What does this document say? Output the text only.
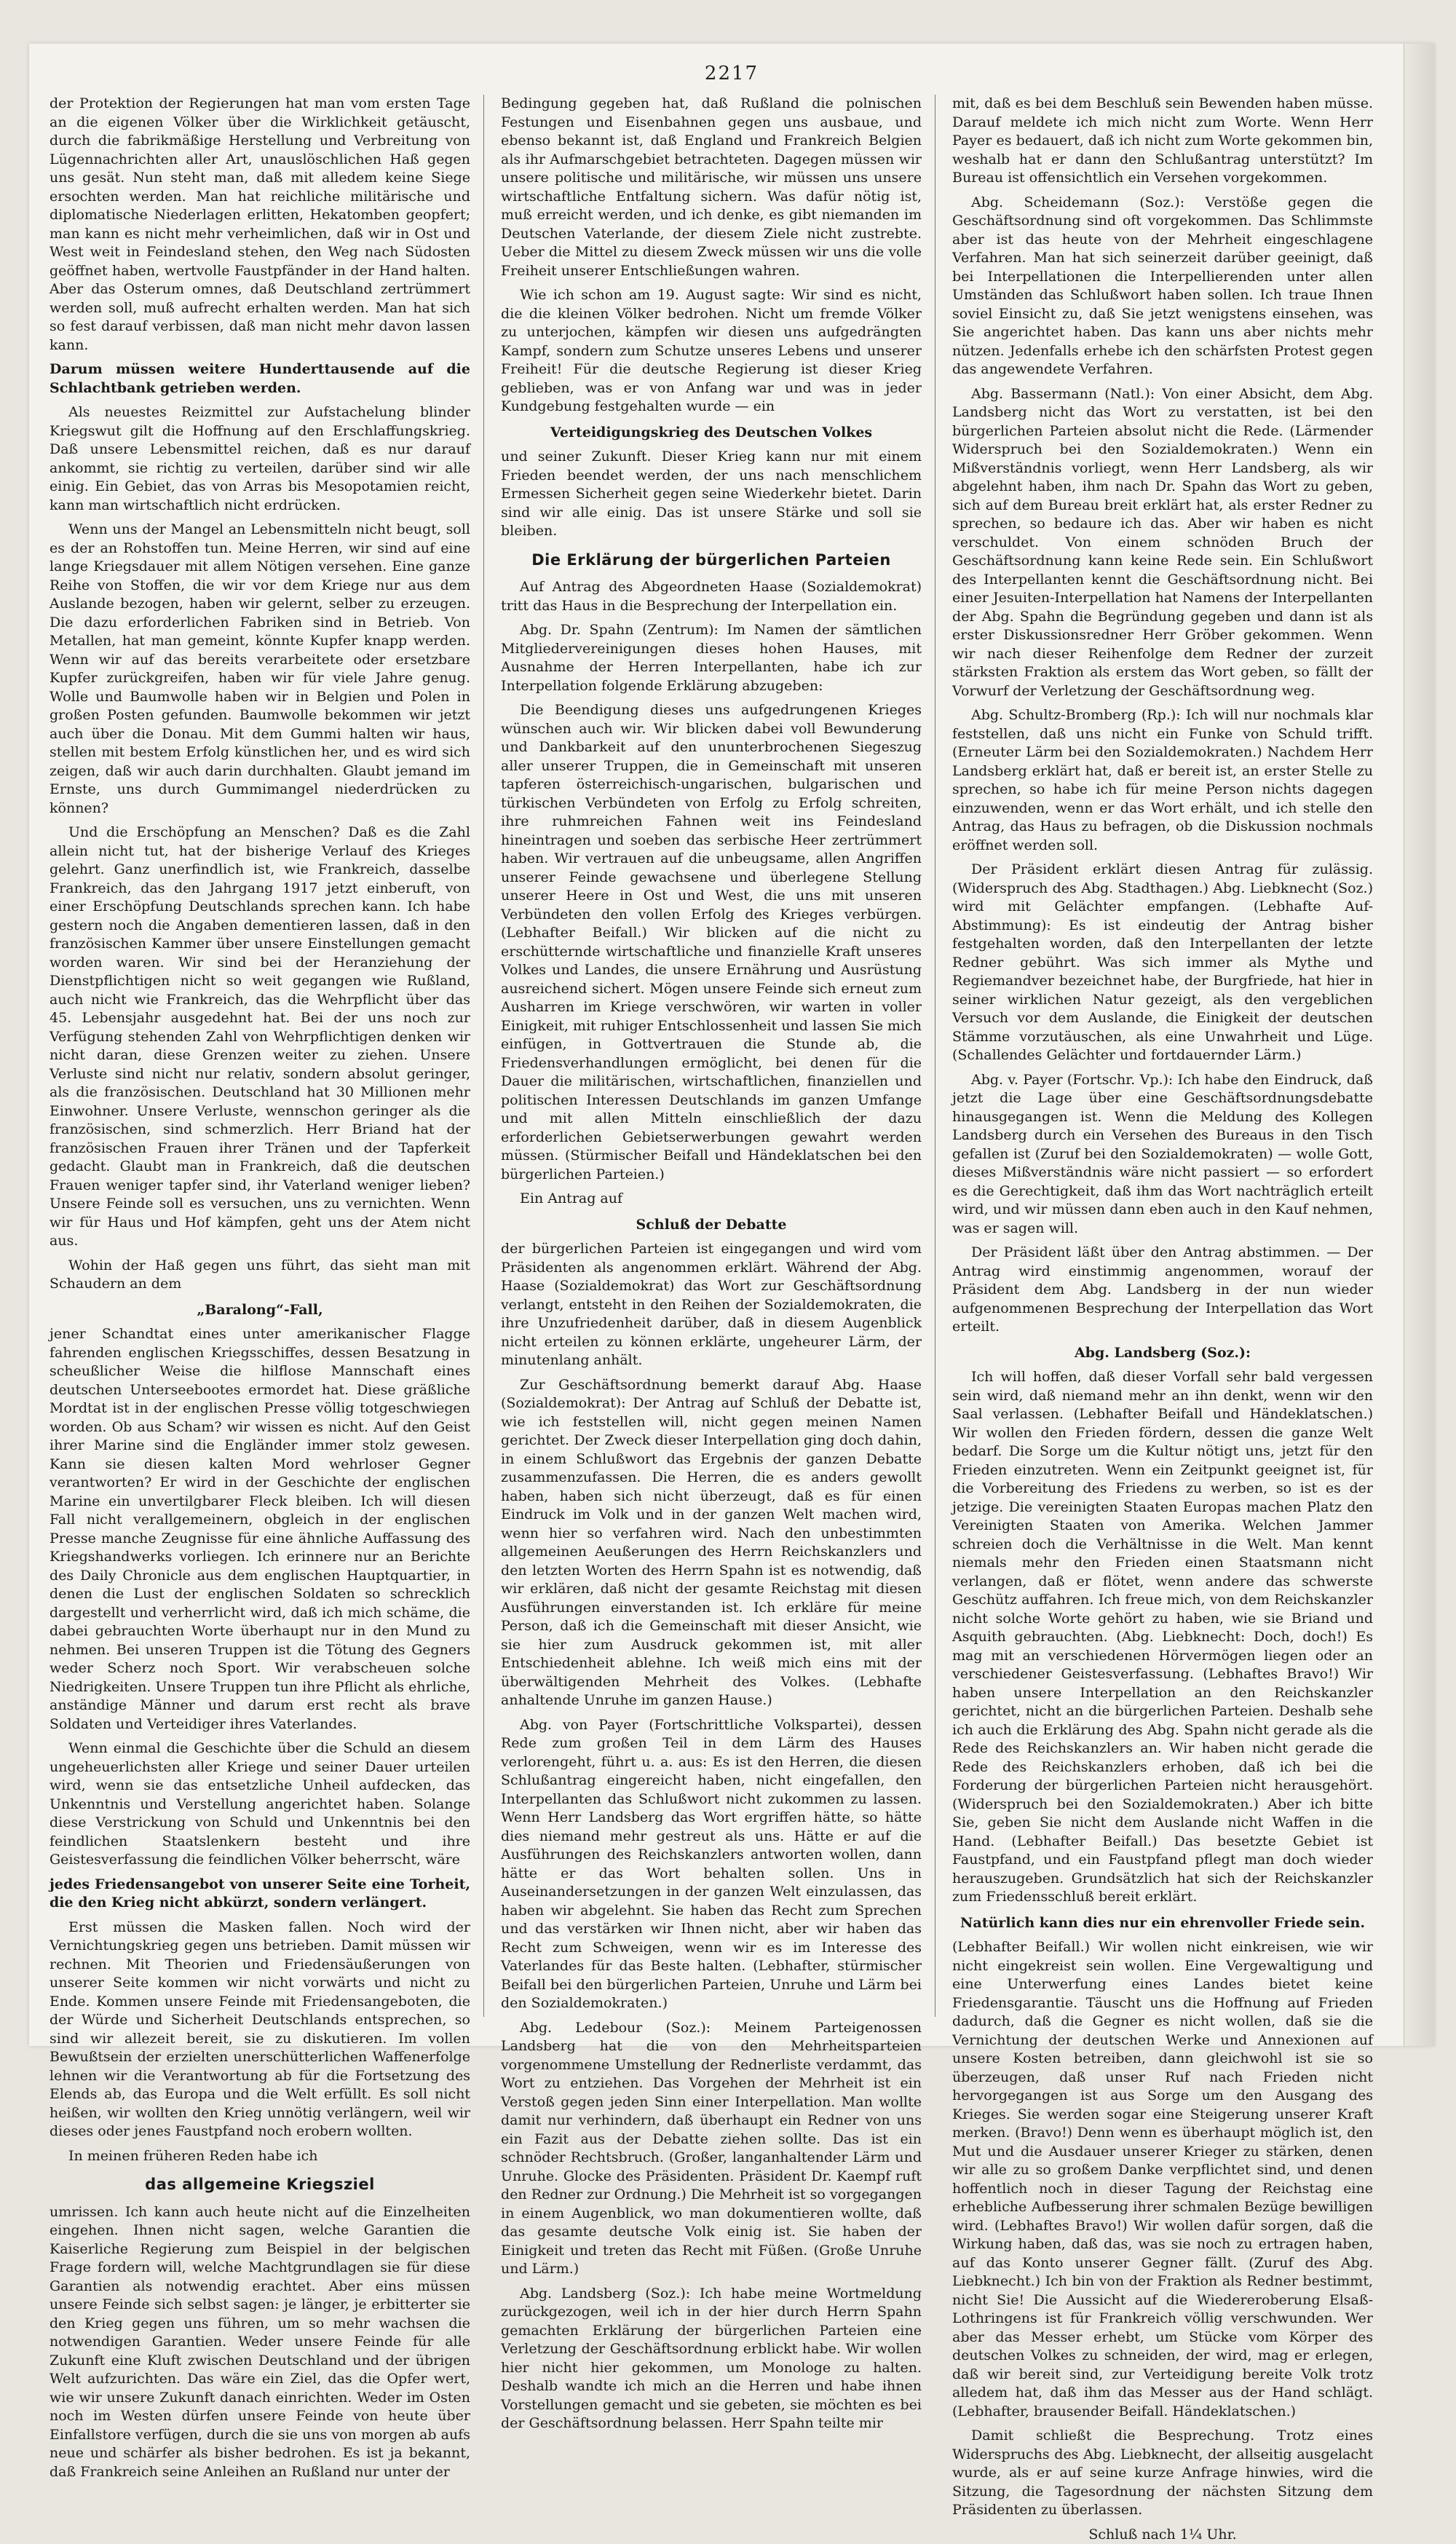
2217

der Protektion der Regierungen hat man vom ersten Tage an die eigenen Völker über die Wirklichkeit getäuscht, durch die fabrikmäßige Herstellung und Verbreitung von Lügennachrichten aller Art, unauslöschlichen Haß gegen uns gesät. Nun steht man, daß mit alledem keine Siege ersochten werden. Man hat reichliche militärische und diplomatische Niederlagen erlitten, Hekatomben geopfert; man kann es nicht mehr verheimlichen, daß wir in Ost und West weit in Feindesland stehen, den Weg nach Südosten geöffnet haben, wertvolle Faustpfänder in der Hand halten. Aber das Osterum omnes, daß Deutschland zertrümmert werden soll, muß aufrecht erhalten werden. Man hat sich so fest darauf verbissen, daß man nicht mehr davon lassen kann.

Darum müssen weitere Hunderttausende auf die Schlachtbank getrieben werden.

Als neuestes Reizmittel zur Aufstachelung blinder Kriegswut gilt die Hoffnung auf den Erschlaffungskrieg. Daß unsere Lebensmittel reichen, daß es nur darauf ankommt, sie richtig zu verteilen, darüber sind wir alle einig. Ein Gebiet, das von Arras bis Mesopotamien reicht, kann man wirtschaftlich nicht erdrücken.

Wenn uns der Mangel an Lebensmitteln nicht beugt, soll es der an Rohstoffen tun. Meine Herren, wir sind auf eine lange Kriegsdauer mit allem Nötigen versehen. Eine ganze Reihe von Stoffen, die wir vor dem Kriege nur aus dem Auslande bezogen, haben wir gelernt, selber zu erzeugen. Die dazu erforderlichen Fabriken sind in Betrieb. Von Metallen, hat man gemeint, könnte Kupfer knapp werden. Wenn wir auf das bereits verarbeitete oder ersetzbare Kupfer zurückgreifen, haben wir für viele Jahre genug. Wolle und Baumwolle haben wir in Belgien und Polen in großen Posten gefunden. Baumwolle bekommen wir jetzt auch über die Donau. Mit dem Gummi halten wir haus, stellen mit bestem Erfolg künstlichen her, und es wird sich zeigen, daß wir auch darin durchhalten. Glaubt jemand im Ernste, uns durch Gummimangel niederdrücken zu können?

Und die Erschöpfung an Menschen? Daß es die Zahl allein nicht tut, hat der bisherige Verlauf des Krieges gelehrt. Ganz unerfindlich ist, wie Frankreich, dasselbe Frankreich, das den Jahrgang 1917 jetzt einberuft, von einer Erschöpfung Deutschlands sprechen kann. Ich habe gestern noch die Angaben dementieren lassen, daß in den französischen Kammer über unsere Einstellungen gemacht worden waren. Wir sind bei der Heranziehung der Dienstpflichtigen nicht so weit gegangen wie Rußland, auch nicht wie Frankreich, das die Wehrpflicht über das 45. Lebensjahr ausgedehnt hat. Bei der uns noch zur Verfügung stehenden Zahl von Wehrpflichtigen denken wir nicht daran, diese Grenzen weiter zu ziehen. Unsere Verluste sind nicht nur relativ, sondern absolut geringer, als die französischen. Deutschland hat 30 Millionen mehr Einwohner. Unsere Verluste, wennschon geringer als die französischen, sind schmerzlich. Herr Briand hat der französischen Frauen ihrer Tränen und der Tapferkeit gedacht. Glaubt man in Frankreich, daß die deutschen Frauen weniger tapfer sind, ihr Vaterland weniger lieben? Unsere Feinde soll es versuchen, uns zu vernichten. Wenn wir für Haus und Hof kämpfen, geht uns der Atem nicht aus.

Wohin der Haß gegen uns führt, das sieht man mit Schaudern an dem

„Baralong“-Fall,

jener Schandtat eines unter amerikanischer Flagge fahrenden englischen Kriegsschiffes, dessen Besatzung in scheußlicher Weise die hilflose Mannschaft eines deutschen Unterseebootes ermordet hat. Diese gräßliche Mordtat ist in der englischen Presse völlig totgeschwiegen worden. Ob aus Scham? wir wissen es nicht. Auf den Geist ihrer Marine sind die Engländer immer stolz gewesen. Kann sie diesen kalten Mord wehrloser Gegner verantworten? Er wird in der Geschichte der englischen Marine ein unvertilgbarer Fleck bleiben. Ich will diesen Fall nicht verallgemeinern, obgleich in der englischen Presse manche Zeugnisse für eine ähnliche Auffassung des Kriegshandwerks vorliegen. Ich erinnere nur an Berichte des Daily Chronicle aus dem englischen Hauptquartier, in denen die Lust der englischen Soldaten so schrecklich dargestellt und verherrlicht wird, daß ich mich schäme, die dabei gebrauchten Worte überhaupt nur in den Mund zu nehmen. Bei unseren Truppen ist die Tötung des Gegners weder Scherz noch Sport. Wir verabscheuen solche Niedrigkeiten. Unsere Truppen tun ihre Pflicht als ehrliche, anständige Männer und darum erst recht als brave Soldaten und Verteidiger ihres Vaterlandes.

Wenn einmal die Geschichte über die Schuld an diesem ungeheuerlichsten aller Kriege und seiner Dauer urteilen wird, wenn sie das entsetzliche Unheil aufdecken, das Unkenntnis und Verstellung angerichtet haben. Solange diese Verstrickung von Schuld und Unkenntnis bei den feindlichen Staatslenkern besteht und ihre Geistesverfassung die feindlichen Völker beherrscht, wäre

jedes Friedensangebot von unserer Seite eine Torheit, die den Krieg nicht abkürzt, sondern verlängert.

Erst müssen die Masken fallen. Noch wird der Vernichtungskrieg gegen uns betrieben. Damit müssen wir rechnen. Mit Theorien und Friedensäußerungen von unserer Seite kommen wir nicht vorwärts und nicht zu Ende. Kommen unsere Feinde mit Friedensangeboten, die der Würde und Sicherheit Deutschlands entsprechen, so sind wir allezeit bereit, sie zu diskutieren. Im vollen Bewußtsein der erzielten unerschütterlichen Waffenerfolge lehnen wir die Verantwortung ab für die Fortsetzung des Elends ab, das Europa und die Welt erfüllt. Es soll nicht heißen, wir wollten den Krieg unnötig verlängern, weil wir dieses oder jenes Faustpfand noch erobern wollten.

In meinen früheren Reden habe ich

das allgemeine Kriegsziel

umrissen. Ich kann auch heute nicht auf die Einzelheiten eingehen. Ihnen nicht sagen, welche Garantien die Kaiserliche Regierung zum Beispiel in der belgischen Frage fordern will, welche Machtgrundlagen sie für diese Garantien als notwendig erachtet. Aber eins müssen unsere Feinde sich selbst sagen: je länger, je erbitterter sie den Krieg gegen uns führen, um so mehr wachsen die notwendigen Garantien. Weder unsere Feinde für alle Zukunft eine Kluft zwischen Deutschland und der übrigen Welt aufzurichten. Das wäre ein Ziel, das die Opfer wert, wie wir unsere Zukunft danach einrichten. Weder im Osten noch im Westen dürfen unsere Feinde von heute über Einfallstore verfügen, durch die sie uns von morgen ab aufs neue und schärfer als bisher bedrohen. Es ist ja bekannt, daß Frankreich seine Anleihen an Rußland nur unter der

Bedingung gegeben hat, daß Rußland die polnischen Festungen und Eisenbahnen gegen uns ausbaue, und ebenso bekannt ist, daß England und Frankreich Belgien als ihr Aufmarschgebiet betrachteten. Dagegen müssen wir unsere politische und militärische, wir müssen uns unsere wirtschaftliche Entfaltung sichern. Was dafür nötig ist, muß erreicht werden, und ich denke, es gibt niemanden im Deutschen Vaterlande, der diesem Ziele nicht zustrebte. Ueber die Mittel zu diesem Zweck müssen wir uns die volle Freiheit unserer Entschließungen wahren.

Wie ich schon am 19. August sagte: Wir sind es nicht, die die kleinen Völker bedrohen. Nicht um fremde Völker zu unterjochen, kämpfen wir diesen uns aufgedrängten Kampf, sondern zum Schutze unseres Lebens und unserer Freiheit! Für die deutsche Regierung ist dieser Krieg geblieben, was er von Anfang war und was in jeder Kundgebung festgehalten wurde — ein

Verteidigungskrieg des Deutschen Volkes

und seiner Zukunft. Dieser Krieg kann nur mit einem Frieden beendet werden, der uns nach menschlichem Ermessen Sicherheit gegen seine Wiederkehr bietet. Darin sind wir alle einig. Das ist unsere Stärke und soll sie bleiben.

Die Erklärung der bürgerlichen Parteien

Auf Antrag des Abgeordneten Haase (Sozialdemokrat) tritt das Haus in die Besprechung der Interpellation ein.

Abg. Dr. Spahn (Zentrum): Im Namen der sämtlichen Mitgliedervereinigungen dieses hohen Hauses, mit Ausnahme der Herren Interpellanten, habe ich zur Interpellation folgende Erklärung abzugeben:

Die Beendigung dieses uns aufgedrungenen Krieges wünschen auch wir. Wir blicken dabei voll Bewunderung und Dankbarkeit auf den ununterbrochenen Siegeszug aller unserer Truppen, die in Gemeinschaft mit unseren tapferen österreichisch-ungarischen, bulgarischen und türkischen Verbündeten von Erfolg zu Erfolg schreiten, ihre ruhmreichen Fahnen weit ins Feindesland hineintragen und soeben das serbische Heer zertrümmert haben. Wir vertrauen auf die unbeugsame, allen Angriffen unserer Feinde gewachsene und überlegene Stellung unserer Heere in Ost und West, die uns mit unseren Verbündeten den vollen Erfolg des Krieges verbürgen. (Lebhafter Beifall.) Wir blicken auf die nicht zu erschütternde wirtschaftliche und finanzielle Kraft unseres Volkes und Landes, die unsere Ernährung und Ausrüstung ausreichend sichert. Mögen unsere Feinde sich erneut zum Ausharren im Kriege verschwören, wir warten in voller Einigkeit, mit ruhiger Entschlossenheit und lassen Sie mich einfügen, in Gottvertrauen die Stunde ab, die Friedensverhandlungen ermöglicht, bei denen für die Dauer die militärischen, wirtschaftlichen, finanziellen und politischen Interessen Deutschlands im ganzen Umfange und mit allen Mitteln einschließlich der dazu erforderlichen Gebietserwerbungen gewahrt werden müssen. (Stürmischer Beifall und Händeklatschen bei den bürgerlichen Parteien.)

Ein Antrag auf

Schluß der Debatte

der bürgerlichen Parteien ist eingegangen und wird vom Präsidenten als angenommen erklärt. Während der Abg. Haase (Sozialdemokrat) das Wort zur Geschäftsordnung verlangt, entsteht in den Reihen der Sozialdemokraten, die ihre Unzufriedenheit darüber, daß in diesem Augenblick nicht erteilen zu können erklärte, ungeheurer Lärm, der minutenlang anhält.

Zur Geschäftsordnung bemerkt darauf Abg. Haase (Sozialdemokrat): Der Antrag auf Schluß der Debatte ist, wie ich feststellen will, nicht gegen meinen Namen gerichtet. Der Zweck dieser Interpellation ging doch dahin, in einem Schlußwort das Ergebnis der ganzen Debatte zusammenzufassen. Die Herren, die es anders gewollt haben, haben sich nicht überzeugt, daß es für einen Eindruck im Volk und in der ganzen Welt machen wird, wenn hier so verfahren wird. Nach den unbestimmten allgemeinen Aeußerungen des Herrn Reichskanzlers und den letzten Worten des Herrn Spahn ist es notwendig, daß wir erklären, daß nicht der gesamte Reichstag mit diesen Ausführungen einverstanden ist. Ich erkläre für meine Person, daß ich die Gemeinschaft mit dieser Ansicht, wie sie hier zum Ausdruck gekommen ist, mit aller Entschiedenheit ablehne. Ich weiß mich eins mit der überwältigenden Mehrheit des Volkes. (Lebhafte anhaltende Unruhe im ganzen Hause.)

Abg. von Payer (Fortschrittliche Volkspartei), dessen Rede zum großen Teil in dem Lärm des Hauses verlorengeht, führt u. a. aus: Es ist den Herren, die diesen Schlußantrag eingereicht haben, nicht eingefallen, den Interpellanten das Schlußwort nicht zukommen zu lassen. Wenn Herr Landsberg das Wort ergriffen hätte, so hätte dies niemand mehr gestreut als uns. Hätte er auf die Ausführungen des Reichskanzlers antworten wollen, dann hätte er das Wort behalten sollen. Uns in Auseinandersetzungen in der ganzen Welt einzulassen, das haben wir abgelehnt. Sie haben das Recht zum Sprechen und das verstärken wir Ihnen nicht, aber wir haben das Recht zum Schweigen, wenn wir es im Interesse des Vaterlandes für das Beste halten. (Lebhafter, stürmischer Beifall bei den bürgerlichen Parteien, Unruhe und Lärm bei den Sozialdemokraten.)

Abg. Ledebour (Soz.): Meinem Parteigenossen Landsberg hat die von den Mehrheitsparteien vorgenommene Umstellung der Rednerliste verdammt, das Wort zu entziehen. Das Vorgehen der Mehrheit ist ein Verstoß gegen jeden Sinn einer Interpellation. Man wollte damit nur verhindern, daß überhaupt ein Redner von uns ein Fazit aus der Debatte ziehen sollte. Das ist ein schnöder Rechtsbruch. (Großer, langanhaltender Lärm und Unruhe. Glocke des Präsidenten. Präsident Dr. Kaempf ruft den Redner zur Ordnung.) Die Mehrheit ist so vorgegangen in einem Augenblick, wo man dokumentieren wollte, daß das gesamte deutsche Volk einig ist. Sie haben der Einigkeit und treten das Recht mit Füßen. (Große Unruhe und Lärm.)

Abg. Landsberg (Soz.): Ich habe meine Wortmeldung zurückgezogen, weil ich in der hier durch Herrn Spahn gemachten Erklärung der bürgerlichen Parteien eine Verletzung der Geschäftsordnung erblickt habe. Wir wollen hier nicht hier gekommen, um Monologe zu halten. Deshalb wandte ich mich an die Herren und habe ihnen Vorstellungen gemacht und sie gebeten, sie möchten es bei der Geschäftsordnung belassen. Herr Spahn teilte mir

mit, daß es bei dem Beschluß sein Bewenden haben müsse. Darauf meldete ich mich nicht zum Worte. Wenn Herr Payer es bedauert, daß ich nicht zum Worte gekommen bin, weshalb hat er dann den Schlußantrag unterstützt? Im Bureau ist offensichtlich ein Versehen vorgekommen.

Abg. Scheidemann (Soz.): Verstöße gegen die Geschäftsordnung sind oft vorgekommen. Das Schlimmste aber ist das heute von der Mehrheit eingeschlagene Verfahren. Man hat sich seinerzeit darüber geeinigt, daß bei Interpellationen die Interpellierenden unter allen Umständen das Schlußwort haben sollen. Ich traue Ihnen soviel Einsicht zu, daß Sie jetzt wenigstens einsehen, was Sie angerichtet haben. Das kann uns aber nichts mehr nützen. Jedenfalls erhebe ich den schärfsten Protest gegen das angewendete Verfahren.

Abg. Bassermann (Natl.): Von einer Absicht, dem Abg. Landsberg nicht das Wort zu verstatten, ist bei den bürgerlichen Parteien absolut nicht die Rede. (Lärmender Widerspruch bei den Sozialdemokraten.) Wenn ein Mißverständnis vorliegt, wenn Herr Landsberg, als wir abgelehnt haben, ihm nach Dr. Spahn das Wort zu geben, sich auf dem Bureau breit erklärt hat, als erster Redner zu sprechen, so bedaure ich das. Aber wir haben es nicht verschuldet. Von einem schnöden Bruch der Geschäftsordnung kann keine Rede sein. Ein Schlußwort des Interpellanten kennt die Geschäftsordnung nicht. Bei einer Jesuiten-Interpellation hat Namens der Interpellanten der Abg. Spahn die Begründung gegeben und dann ist als erster Diskussionsredner Herr Gröber gekommen. Wenn wir nach dieser Reihenfolge dem Redner der zurzeit stärksten Fraktion als erstem das Wort geben, so fällt der Vorwurf der Verletzung der Geschäftsordnung weg.

Abg. Schultz-Bromberg (Rp.): Ich will nur nochmals klar feststellen, daß uns nicht ein Funke von Schuld trifft. (Erneuter Lärm bei den Sozialdemokraten.) Nachdem Herr Landsberg erklärt hat, daß er bereit ist, an erster Stelle zu sprechen, so habe ich für meine Person nichts dagegen einzuwenden, wenn er das Wort erhält, und ich stelle den Antrag, das Haus zu befragen, ob die Diskussion nochmals eröffnet werden soll.

Der Präsident erklärt diesen Antrag für zulässig. (Widerspruch des Abg. Stadthagen.) Abg. Liebknecht (Soz.) wird mit Gelächter empfangen. (Lebhafte Auf-Abstimmung): Es ist eindeutig der Antrag bisher festgehalten worden, daß den Interpellanten der letzte Redner gebührt. Was sich immer als Mythe und Regiemandver bezeichnet habe, der Burgfriede, hat hier in seiner wirklichen Natur gezeigt, als den vergeblichen Versuch vor dem Auslande, die Einigkeit der deutschen Stämme vorzutäuschen, als eine Unwahrheit und Lüge. (Schallendes Gelächter und fortdauernder Lärm.)

Abg. v. Payer (Fortschr. Vp.): Ich habe den Eindruck, daß jetzt die Lage über eine Geschäftsordnungsdebatte hinausgegangen ist. Wenn die Meldung des Kollegen Landsberg durch ein Versehen des Bureaus in den Tisch gefallen ist (Zuruf bei den Sozialdemokraten) — wolle Gott, dieses Mißverständnis wäre nicht passiert — so erfordert es die Gerechtigkeit, daß ihm das Wort nachträglich erteilt wird, und wir müssen dann eben auch in den Kauf nehmen, was er sagen will.

Der Präsident läßt über den Antrag abstimmen. — Der Antrag wird einstimmig angenommen, worauf der Präsident dem Abg. Landsberg in der nun wieder aufgenommenen Besprechung der Interpellation das Wort erteilt.

Abg. Landsberg (Soz.):

Ich will hoffen, daß dieser Vorfall sehr bald vergessen sein wird, daß niemand mehr an ihn denkt, wenn wir den Saal verlassen. (Lebhafter Beifall und Händeklatschen.) Wir wollen den Frieden fördern, dessen die ganze Welt bedarf. Die Sorge um die Kultur nötigt uns, jetzt für den Frieden einzutreten. Wenn ein Zeitpunkt geeignet ist, für die Vorbereitung des Friedens zu werben, so ist es der jetzige. Die vereinigten Staaten Europas machen Platz den Vereinigten Staaten von Amerika. Welchen Jammer schreien doch die Verhältnisse in die Welt. Man kennt niemals mehr den Frieden einen Staatsmann nicht verlangen, daß er flötet, wenn andere das schwerste Geschütz auffahren. Ich freue mich, von dem Reichskanzler nicht solche Worte gehört zu haben, wie sie Briand und Asquith gebrauchten. (Abg. Liebknecht: Doch, doch!) Es mag mit an verschiedenen Hörvermögen liegen oder an verschiedener Geistesverfassung. (Lebhaftes Bravo!) Wir haben unsere Interpellation an den Reichskanzler gerichtet, nicht an die bürgerlichen Parteien. Deshalb sehe ich auch die Erklärung des Abg. Spahn nicht gerade als die Rede des Reichskanzlers an. Wir haben nicht gerade die Rede des Reichskanzlers erhoben, daß ich bei die Forderung der bürgerlichen Parteien nicht herausgehört. (Widerspruch bei den Sozialdemokraten.) Aber ich bitte Sie, geben Sie nicht dem Auslande nicht Waffen in die Hand. (Lebhafter Beifall.) Das besetzte Gebiet ist Faustpfand, und ein Faustpfand pflegt man doch wieder herauszugeben. Grundsätzlich hat sich der Reichskanzler zum Friedensschluß bereit erklärt.

Natürlich kann dies nur ein ehrenvoller Friede sein.

(Lebhafter Beifall.) Wir wollen nicht einkreisen, wie wir nicht eingekreist sein wollen. Eine Vergewaltigung und eine Unterwerfung eines Landes bietet keine Friedensgarantie. Täuscht uns die Hoffnung auf Frieden dadurch, daß die Gegner es nicht wollen, daß sie die Vernichtung der deutschen Werke und Annexionen auf unsere Kosten betreiben, dann gleichwohl ist sie so überzeugen, daß unser Ruf nach Frieden nicht hervorgegangen ist aus Sorge um den Ausgang des Krieges. Sie werden sogar eine Steigerung unserer Kraft merken. (Bravo!) Denn wenn es überhaupt möglich ist, den Mut und die Ausdauer unserer Krieger zu stärken, denen wir alle zu so großem Danke verpflichtet sind, und denen hoffentlich noch in dieser Tagung der Reichstag eine erhebliche Aufbesserung ihrer schmalen Bezüge bewilligen wird. (Lebhaftes Bravo!) Wir wollen dafür sorgen, daß die Wirkung haben, daß das, was sie noch zu ertragen haben, auf das Konto unserer Gegner fällt. (Zuruf des Abg. Liebknecht.) Ich bin von der Fraktion als Redner bestimmt, nicht Sie! Die Aussicht auf die Wiedereroberung Elsaß-Lothringens ist für Frankreich völlig verschwunden. Wer aber das Messer erhebt, um Stücke vom Körper des deutschen Volkes zu schneiden, der wird, mag er erlegen, daß wir bereit sind, zur Verteidigung bereite Volk trotz alledem hat, daß ihm das Messer aus der Hand schlägt. (Lebhafter, brausender Beifall. Händeklatschen.)

Damit schließt die Besprechung. Trotz eines Widerspruchs des Abg. Liebknecht, der allseitig ausgelacht wurde, als er auf seine kurze Anfrage hinwies, wird die Sitzung, die Tagesordnung der nächsten Sitzung dem Präsidenten zu überlassen.

Schluß nach 1¼ Uhr.
